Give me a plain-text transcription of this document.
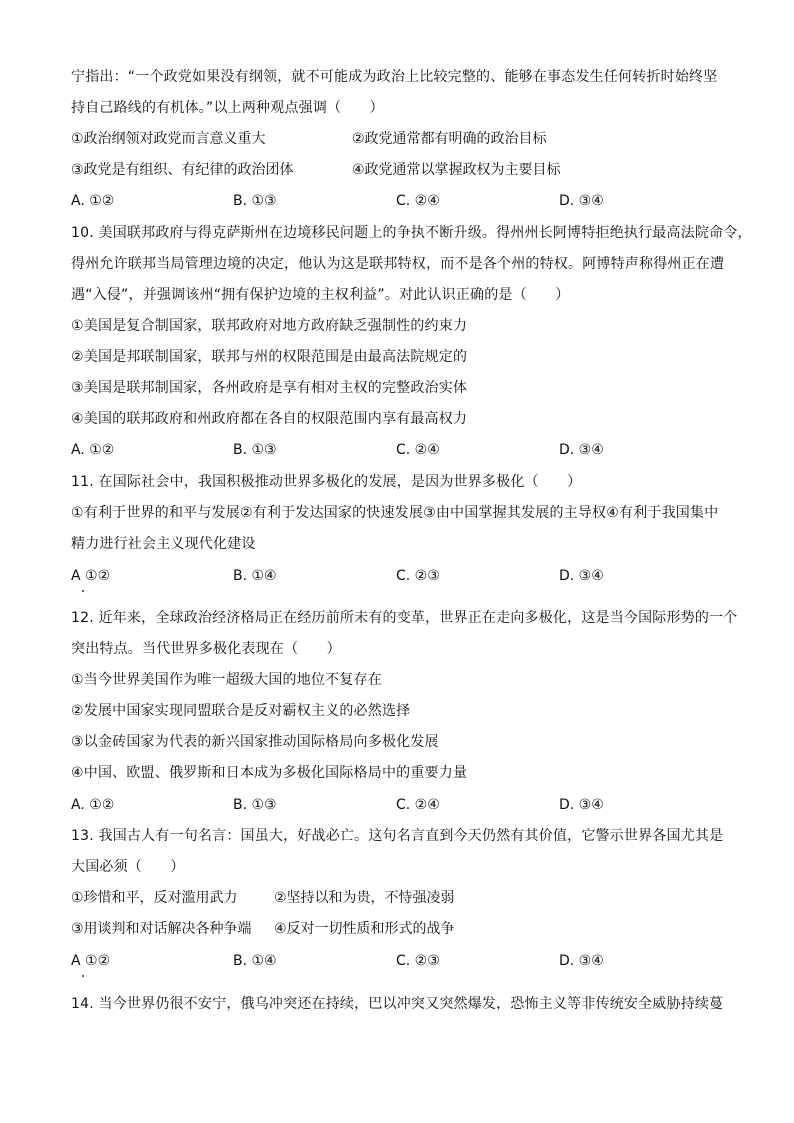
宁指出：“一个政党如果没有纲领，就不可能成为政治上比较完整的、能够在事态发生任何转折时始终坚
持自己路线的有机体。”以上两种观点强调（　　）
①政治纲领对政党而言意义重大	②政党通常都有明确的政治目标
③政党是有组织、有纪律的政治团体	④政党通常以掌握政权为主要目标
A. ①②	B. ①③	C. ②④	D. ③④
10. 美国联邦政府与得克萨斯州在边境移民问题上的争执不断升级。得州州长阿博特拒绝执行最高法院命令，
得州允许联邦当局管理边境的决定，他认为这是联邦特权，而不是各个州的特权。阿博特声称得州正在遭
遇“入侵”，并强调该州“拥有保护边境的主权利益”。对此认识正确的是（　　）
①美国是复合制国家，联邦政府对地方政府缺乏强制性的约束力
②美国是邦联制国家，联邦与州的权限范围是由最高法院规定的
③美国是联邦制国家，各州政府是享有相对主权的完整政治实体
④美国的联邦政府和州政府都在各自的权限范围内享有最高权力
A. ①②	B. ①③	C. ②④	D. ③④
11. 在国际社会中，我国积极推动世界多极化的发展，是因为世界多极化（　　）
①有利于世界的和平与发展②有利于发达国家的快速发展③由中国掌握其发展的主导权④有利于我国集中
精力进行社会主义现代化建设
A ①②	B. ①④	C. ②③	D. ③④
12. 近年来，全球政治经济格局正在经历前所未有的变革，世界正在走向多极化，这是当今国际形势的一个
突出特点。当代世界多极化表现在（　　）
①当今世界美国作为唯一超级大国的地位不复存在
②发展中国家实现同盟联合是反对霸权主义的必然选择
③以金砖国家为代表的新兴国家推动国际格局向多极化发展
④中国、欧盟、俄罗斯和日本成为多极化国际格局中的重要力量
A. ①②	B. ①③	C. ②④	D. ③④
13. 我国古人有一句名言：国虽大，好战必亡。这句名言直到今天仍然有其价值，它警示世界各国尤其是
大国必须（　　）
①珍惜和平，反对滥用武力	②坚持以和为贵，不恃强凌弱
③用谈判和对话解决各种争端 ④反对一切性质和形式的战争
A ①②	B. ①④	C. ②③	D. ③④
14. 当今世界仍很不安宁，俄乌冲突还在持续，巴以冲突又突然爆发，恐怖主义等非传统安全威胁持续蔓
